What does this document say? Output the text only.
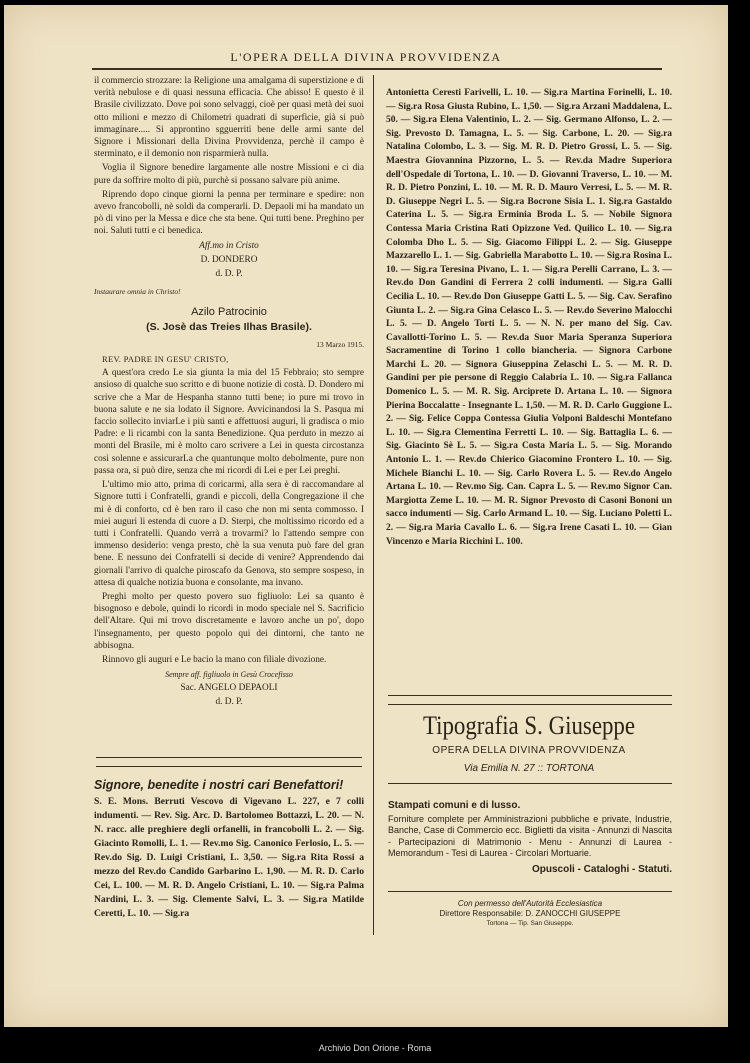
L'OPERA DELLA DIVINA PROVVIDENZA

il commercio strozzare: la Religione una amalgama di superstizione e di verità nebulose e di quasi nessuna efficacia. Che abisso! E questo è il Brasile civilizzato. Dove poi sono selvaggi, cioè per quasi metà dei suoi otto milioni e mezzo di Chilometri quadrati di superficie, già si può immaginare..... Si approntino sgguerriti bene delle armi sante del Signore i Missionari della Divina Provvidenza, perchè il campo è sterminato, e il demonio non risparmierà nulla.

Voglia il Signore benedire largamente alle nostre Missioni e ci dia pure da soffrire molto di più, purchè si possano salvare più anime.

Riprendo dopo cinque giorni la penna per terminare e spedire: non avevo francobolli, nè soldi da comperarli. D. Depaoli mi ha mandato un pò di vino per la Messa e dice che sta bene. Qui tutti bene. Preghino per noi. Saluti tutti e ci benedica.

Aff.mo in Cristo

D. DONDERO

d. D. P.

Instaurare omnia in Christo!

Azilo Patrocinio
(S. Josè das Treies Ilhas Brasile).

13 Marzo 1915.

REV. PADRE IN GESU' CRISTO,

A quest'ora credo Le sia giunta la mia del 15 Febbraio; sto sempre ansioso di qualche suo scritto e di buone notizie di costà. D. Dondero mi scrive che a Mar de Hespanha stanno tutti bene; io pure mi trovo in buona salute e ne sia lodato il Signore. Avvicinandosi la S. Pasqua mi faccio sollecito inviarLe i più santi e affettuosi auguri, li gradisca o mio Padre: e li ricambi con la santa Benedizione. Qua perduto in mezzo ai monti del Brasile, mi è molto caro scrivere a Lei in questa circostanza così solenne e assicurarLa che quantunque molto debolmente, pure non passa ora, si può dire, senza che mi ricordi di Lei e per Lei preghi.

L'ultimo mio atto, prima di coricarmi, alla sera è di raccomandare al Signore tutti i Confratelli, grandi e piccoli, della Congregazione il che mi è di conforto, cd è ben raro il caso che non mi senta commosso. I miei auguri li estenda di cuore a D. Sterpi, che moltissimo ricordo ed a tutti i Confratelli. Quando verrà a trovarmi? lo l'attendo sempre con immenso desiderio: venga presto, chè la sua venuta può fare del gran bene. E nessuno dei Confratelli si decide di venire? Apprendendo dai giornali l'arrivo di qualche piroscafo da Genova, sto sempre sospeso, in attesa di qualche notizia buona e consolante, ma invano.

Preghi molto per questo povero suo figliuolo: Lei sa quanto è bisognoso e debole, quindi lo ricordi in modo speciale nel S. Sacrificio dell'Altare. Qui mi trovo discretamente e lavoro anche un po', dopo l'insegnamento, per questo popolo qui dei dintorni, che tanto ne abbisogna.

Rinnovo gli auguri e Le bacio la mano con filiale divozione.

Sempre aff. figliuolo in Gesù Crocefisso

Sac. ANGELO DEPAOLI

d. D. P.

Signore, benedite i nostri cari Benefattori!

S. E. Mons. Berruti Vescovo di Vigevano L. 227, e 7 colli indumenti. — Rev. Sig. Arc. D. Bartolomeo Bottazzi, L. 20. — N. N. racc. alle preghiere degli orfanelli, in francobolli L. 2. — Sig. Giacinto Romolli, L. 1. — Rev.mo Sig. Canonico Ferlosio, L. 5. — Rev.do Sig. D. Luigi Cristiani, L. 3,50. — Sig.ra Rita Rossi a mezzo del Rev.do Candido Garbarino L. 1,90. — M. R. D. Carlo Cei, L. 100. — M. R. D. Angelo Cristiani, L. 10. — Sig.ra Palma Nardini, L. 3. — Sig. Clemente Salvi, L. 3. — Sig.ra Matilde Ceretti, L. 10. — Sig.ra

Antonietta Ceresti Farivelli, L. 10. — Sig.ra Martina Forinelli, L. 10. — Sig.ra Rosa Giusta Rubino, L. 1,50. — Sig.ra Arzani Maddalena, L. 50. — Sig.ra Elena Valentinio, L. 2. — Sig. Germano Alfonso, L. 2. — Sig. Prevosto D. Tamagna, L. 5. — Sig. Carbone, L. 20. — Sig.ra Natalina Colombo, L. 3. — Sig. M. R. D. Pietro Grossi, L. 5. — Sig. Maestra Giovannina Pizzorno, L. 5. — Rev.da Madre Superiora dell'Ospedale di Tortona, L. 10. — D. Giovanni Traverso, L. 10. — M. R. D. Pietro Ponzini, L. 10. — M. R. D. Mauro Verresi, L. 5. — M. R. D. Giuseppe Negri L. 5. — Sig.ra Bocrone Sisia L. 1. Sig.ra Gastaldo Caterina L. 5. — Sig.ra Erminia Broda L. 5. — Nobile Signora Contessa Maria Cristina Rati Opizzone Ved. Quilico L. 10. — Sig.ra Colomba Dho L. 5. — Sig. Giacomo Filippi L. 2. — Sig. Giuseppe Mazzarello L. 1. — Sig. Gabriella Marabotto L. 10. — Sig.ra Rosina L. 10. — Sig.ra Teresina Pivano, L. 1. — Sig.ra Perelli Carrano, L. 3. — Rev.do Don Gandini di Ferrera 2 colli indumenti. — Sig.ra Galli Cecilia L. 10. — Rev.do Don Giuseppe Gatti L. 5. — Sig. Cav. Serafino Giunta L. 2. — Sig.ra Gina Celasco L. 5. — Rev.do Severino Malocchi L. 5. — D. Angelo Torti L. 5. — N. N. per mano del Sig. Cav. Cavallotti-Torino L. 5. — Rev.da Suor Maria Speranza Superiora Sacramentine di Torino 1 collo biancheria. — Signora Carbone Marchi L. 20. — Signora Giuseppina Zelaschi L. 5. — M. R. D. Gandini per pie persone di Reggio Calabria L. 10. — Sig.ra Fallanca Domenico L. 5. — M. R. Sig. Arciprete D. Artana L. 10. — Signora Pierina Boccalatte - Insegnante L. 1,50. — M. R. D. Carlo Guggione L. 2. — Sig. Felice Coppa Contessa Giulia Volponi Baldeschi Montefano L. 10. — Sig.ra Clementina Ferretti L. 10. — Sig. Battaglia L. 6. — Sig. Giacinto Sè L. 5. — Sig.ra Costa Maria L. 5. — Sig. Morando Antonio L. 1. — Rev.do Chierico Giacomino Frontero L. 10. — Sig. Michele Bianchi L. 10. — Sig. Carlo Rovera L. 5. — Rev.do Angelo Artana L. 10. — Rev.mo Sig. Can. Capra L. 5. — Rev.mo Signor Can. Margiotta Zeme L. 10. — M. R. Signor Prevosto di Casoni Bononi un sacco indumenti — Sig. Carlo Armand L. 10. — Sig. Luciano Poletti L. 2. — Sig.ra Maria Cavallo L. 6. — Sig.ra Irene Casati L. 10. — Gian Vincenzo e Maria Ricchini L. 100.

Tipografia S. Giuseppe
OPERA DELLA DIVINA PROVVIDENZA
Via Emilia N. 27 :: TORTONA
Stampati comuni e di lusso.
Forniture complete per Amministrazioni pubbliche e private, Industrie, Banche, Case di Commercio ecc. Biglietti da visita - Annunzi di Nascita - Partecipazioni di Matrimonio - Menu - Annunzi di Laurea - Memorandum - Tesi di Laurea - Circolari Mortuarie.
Opuscoli - Cataloghi - Statuti.
Con permesso dell'Autorità Ecclesiastica
Direttore Responsabile: D. ZANOCCHI GIUSEPPE
Tortona — Tip. San Giuseppe.
Archivio Don Orione - Roma
